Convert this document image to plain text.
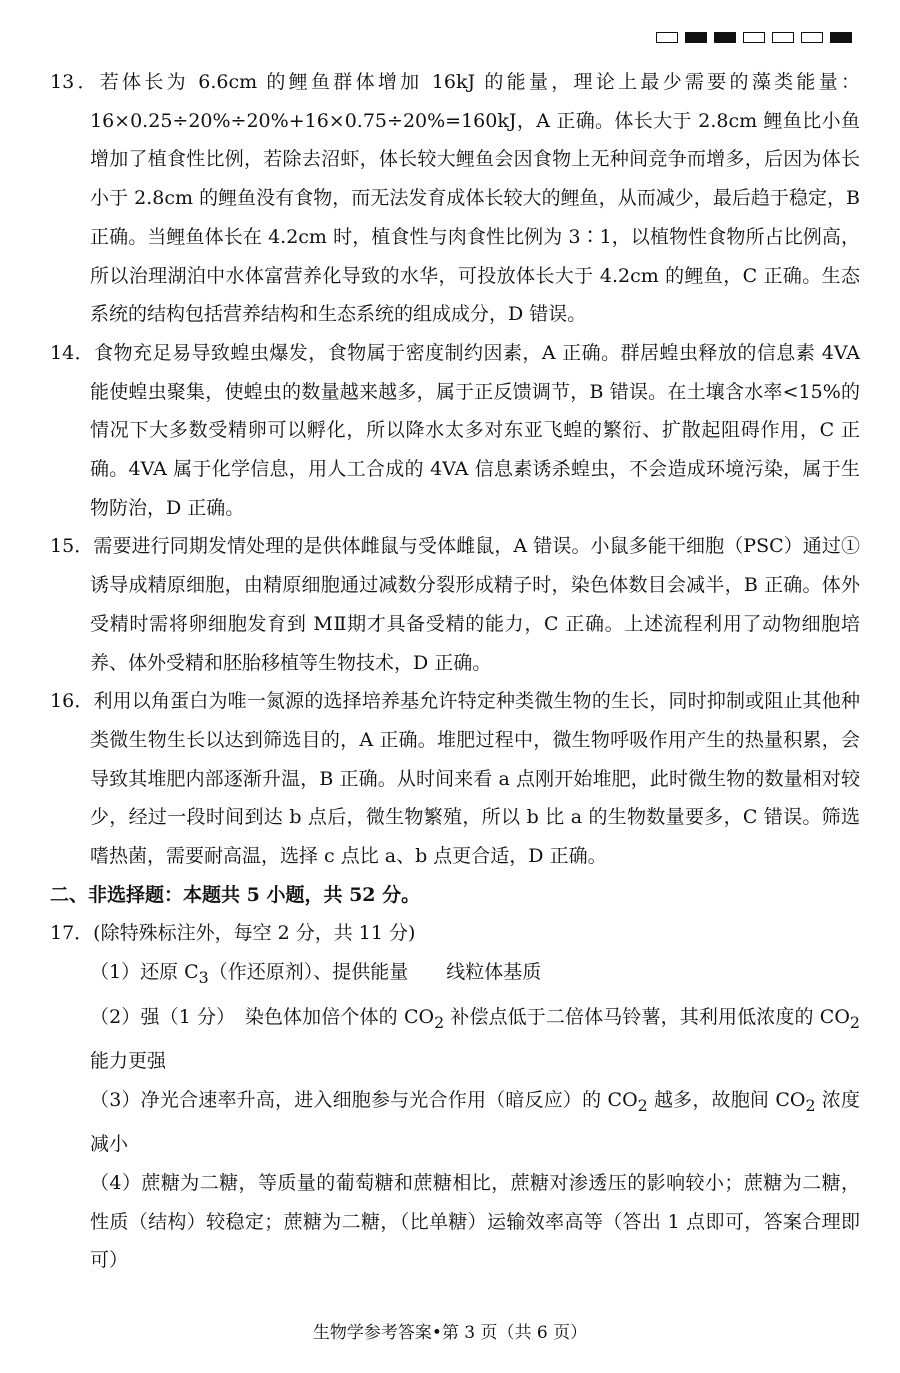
13．若体长为 6.6cm 的鲤鱼群体增加 16kJ 的能量，理论上最少需要的藻类能量：16×0.25÷20%÷20%+16×0.75÷20%=160kJ，A 正确。体长大于 2.8cm 鲤鱼比小鱼增加了植食性比例，若除去沼虾，体长较大鲤鱼会因食物上无种间竞争而增多，后因为体长小于 2.8cm 的鲤鱼没有食物，而无法发育成体长较大的鲤鱼，从而减少，最后趋于稳定，B 正确。当鲤鱼体长在 4.2cm 时，植食性与肉食性比例为 3∶1，以植物性食物所占比例高，所以治理湖泊中水体富营养化导致的水华，可投放体长大于 4.2cm 的鲤鱼，C 正确。生态系统的结构包括营养结构和生态系统的组成成分，D 错误。

14．食物充足易导致蝗虫爆发，食物属于密度制约因素，A 正确。群居蝗虫释放的信息素 4VA 能使蝗虫聚集，使蝗虫的数量越来越多，属于正反馈调节，B 错误。在土壤含水率<15%的情况下大多数受精卵可以孵化，所以降水太多对东亚飞蝗的繁衍、扩散起阻碍作用，C 正确。4VA 属于化学信息，用人工合成的 4VA 信息素诱杀蝗虫，不会造成环境污染，属于生物防治，D 正确。

15．需要进行同期发情处理的是供体雌鼠与受体雌鼠，A 错误。小鼠多能干细胞（PSC）通过①诱导成精原细胞，由精原细胞通过减数分裂形成精子时，染色体数目会减半，B 正确。体外受精时需将卵细胞发育到 MⅡ期才具备受精的能力，C 正确。上述流程利用了动物细胞培养、体外受精和胚胎移植等生物技术，D 正确。

16．利用以角蛋白为唯一氮源的选择培养基允许特定种类微生物的生长，同时抑制或阻止其他种类微生物生长以达到筛选目的，A 正确。堆肥过程中，微生物呼吸作用产生的热量积累，会导致其堆肥内部逐渐升温，B 正确。从时间来看 a 点刚开始堆肥，此时微生物的数量相对较少，经过一段时间到达 b 点后，微生物繁殖，所以 b 比 a 的生物数量要多，C 错误。筛选嗜热菌，需要耐高温，选择 c 点比 a、b 点更合适，D 正确。

二、非选择题：本题共 5 小题，共 52 分。

17．(除特殊标注外，每空 2 分，共 11 分)

（1）还原 $C_3$（作还原剂）、提供能量　　线粒体基质

（2）强（1 分）　染色体加倍个体的 $CO_2$ 补偿点低于二倍体马铃薯，其利用低浓度的 $CO_2$ 能力更强

（3）净光合速率升高，进入细胞参与光合作用（暗反应）的 $CO_2$ 越多，故胞间 $CO_2$ 浓度减小

（4）蔗糖为二糖，等质量的葡萄糖和蔗糖相比，蔗糖对渗透压的影响较小；蔗糖为二糖，性质（结构）较稳定；蔗糖为二糖，（比单糖）运输效率高等（答出 1 点即可，答案合理即可）

生物学参考答案•第 3 页（共 6 页）
